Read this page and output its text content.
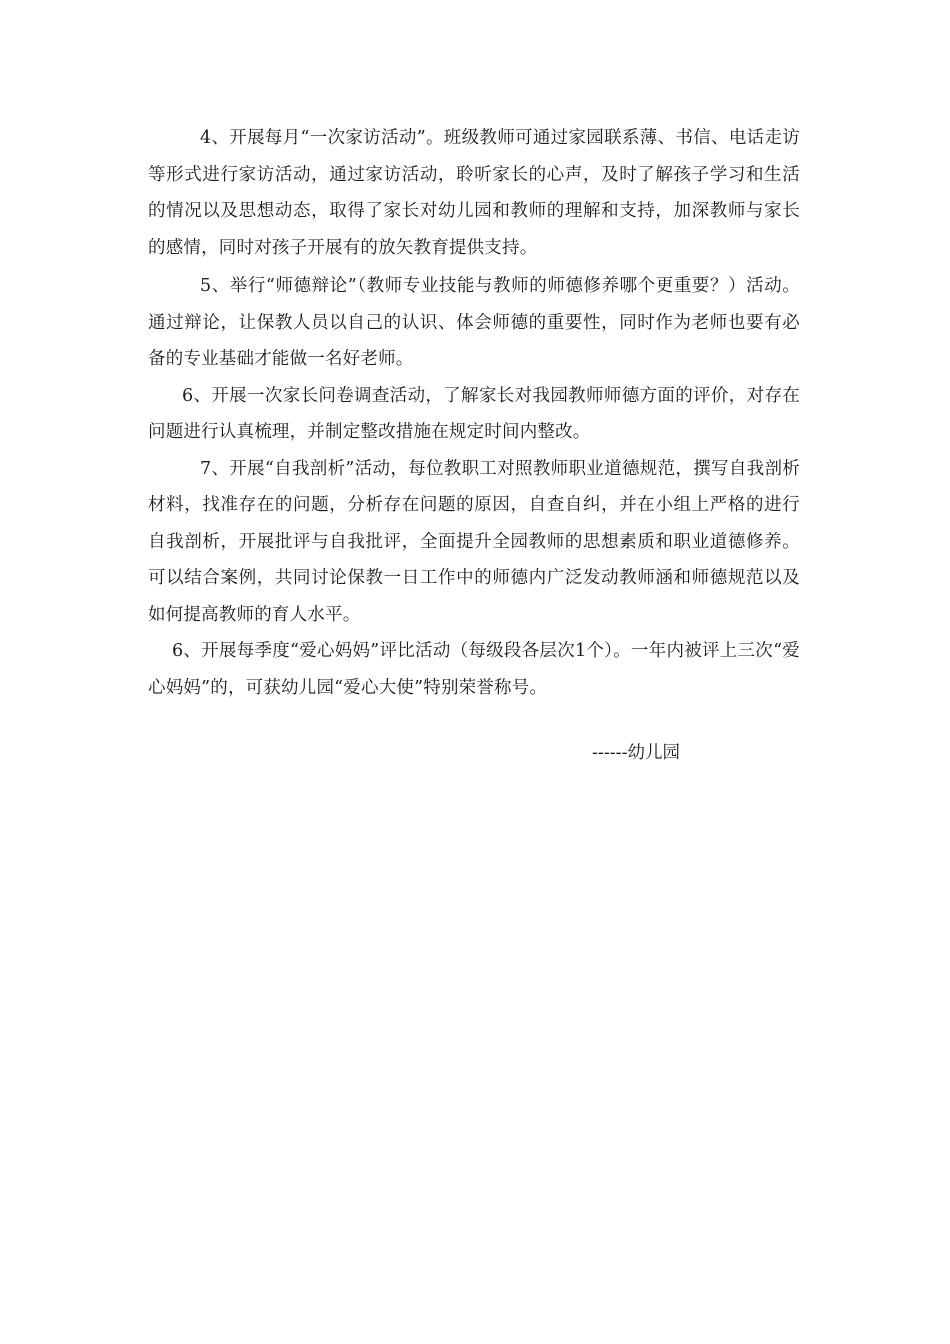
4、开展每月“一次家访活动”。班级教师可通过家园联系薄、书信、电话走访等形式进行家访活动，通过家访活动，聆听家长的心声，及时了解孩子学习和生活的情况以及思想动态，取得了家长对幼儿园和教师的理解和支持，加深教师与家长的感情，同时对孩子开展有的放矢教育提供支持。

5、举行“师德辩论”（教师专业技能与教师的师德修养哪个更重要？）活动。通过辩论，让保教人员以自己的认识、体会师德的重要性，同时作为老师也要有必备的专业基础才能做一名好老师。

6、开展一次家长问卷调查活动，了解家长对我园教师师德方面的评价，对存在问题进行认真梳理，并制定整改措施在规定时间内整改。

7、开展“自我剖析”活动，每位教职工对照教师职业道德规范，撰写自我剖析材料，找准存在的问题，分析存在问题的原因，自查自纠，并在小组上严格的进行自我剖析，开展批评与自我批评，全面提升全园教师的思想素质和职业道德修养。可以结合案例，共同讨论保教一日工作中的师德内广泛发动教师涵和师德规范以及如何提高教师的育人水平。

6、开展每季度“爱心妈妈”评比活动（每级段各层次1个）。一年内被评上三次“爱心妈妈”的，可获幼儿园“爱心大使”特别荣誉称号。

------幼儿园
